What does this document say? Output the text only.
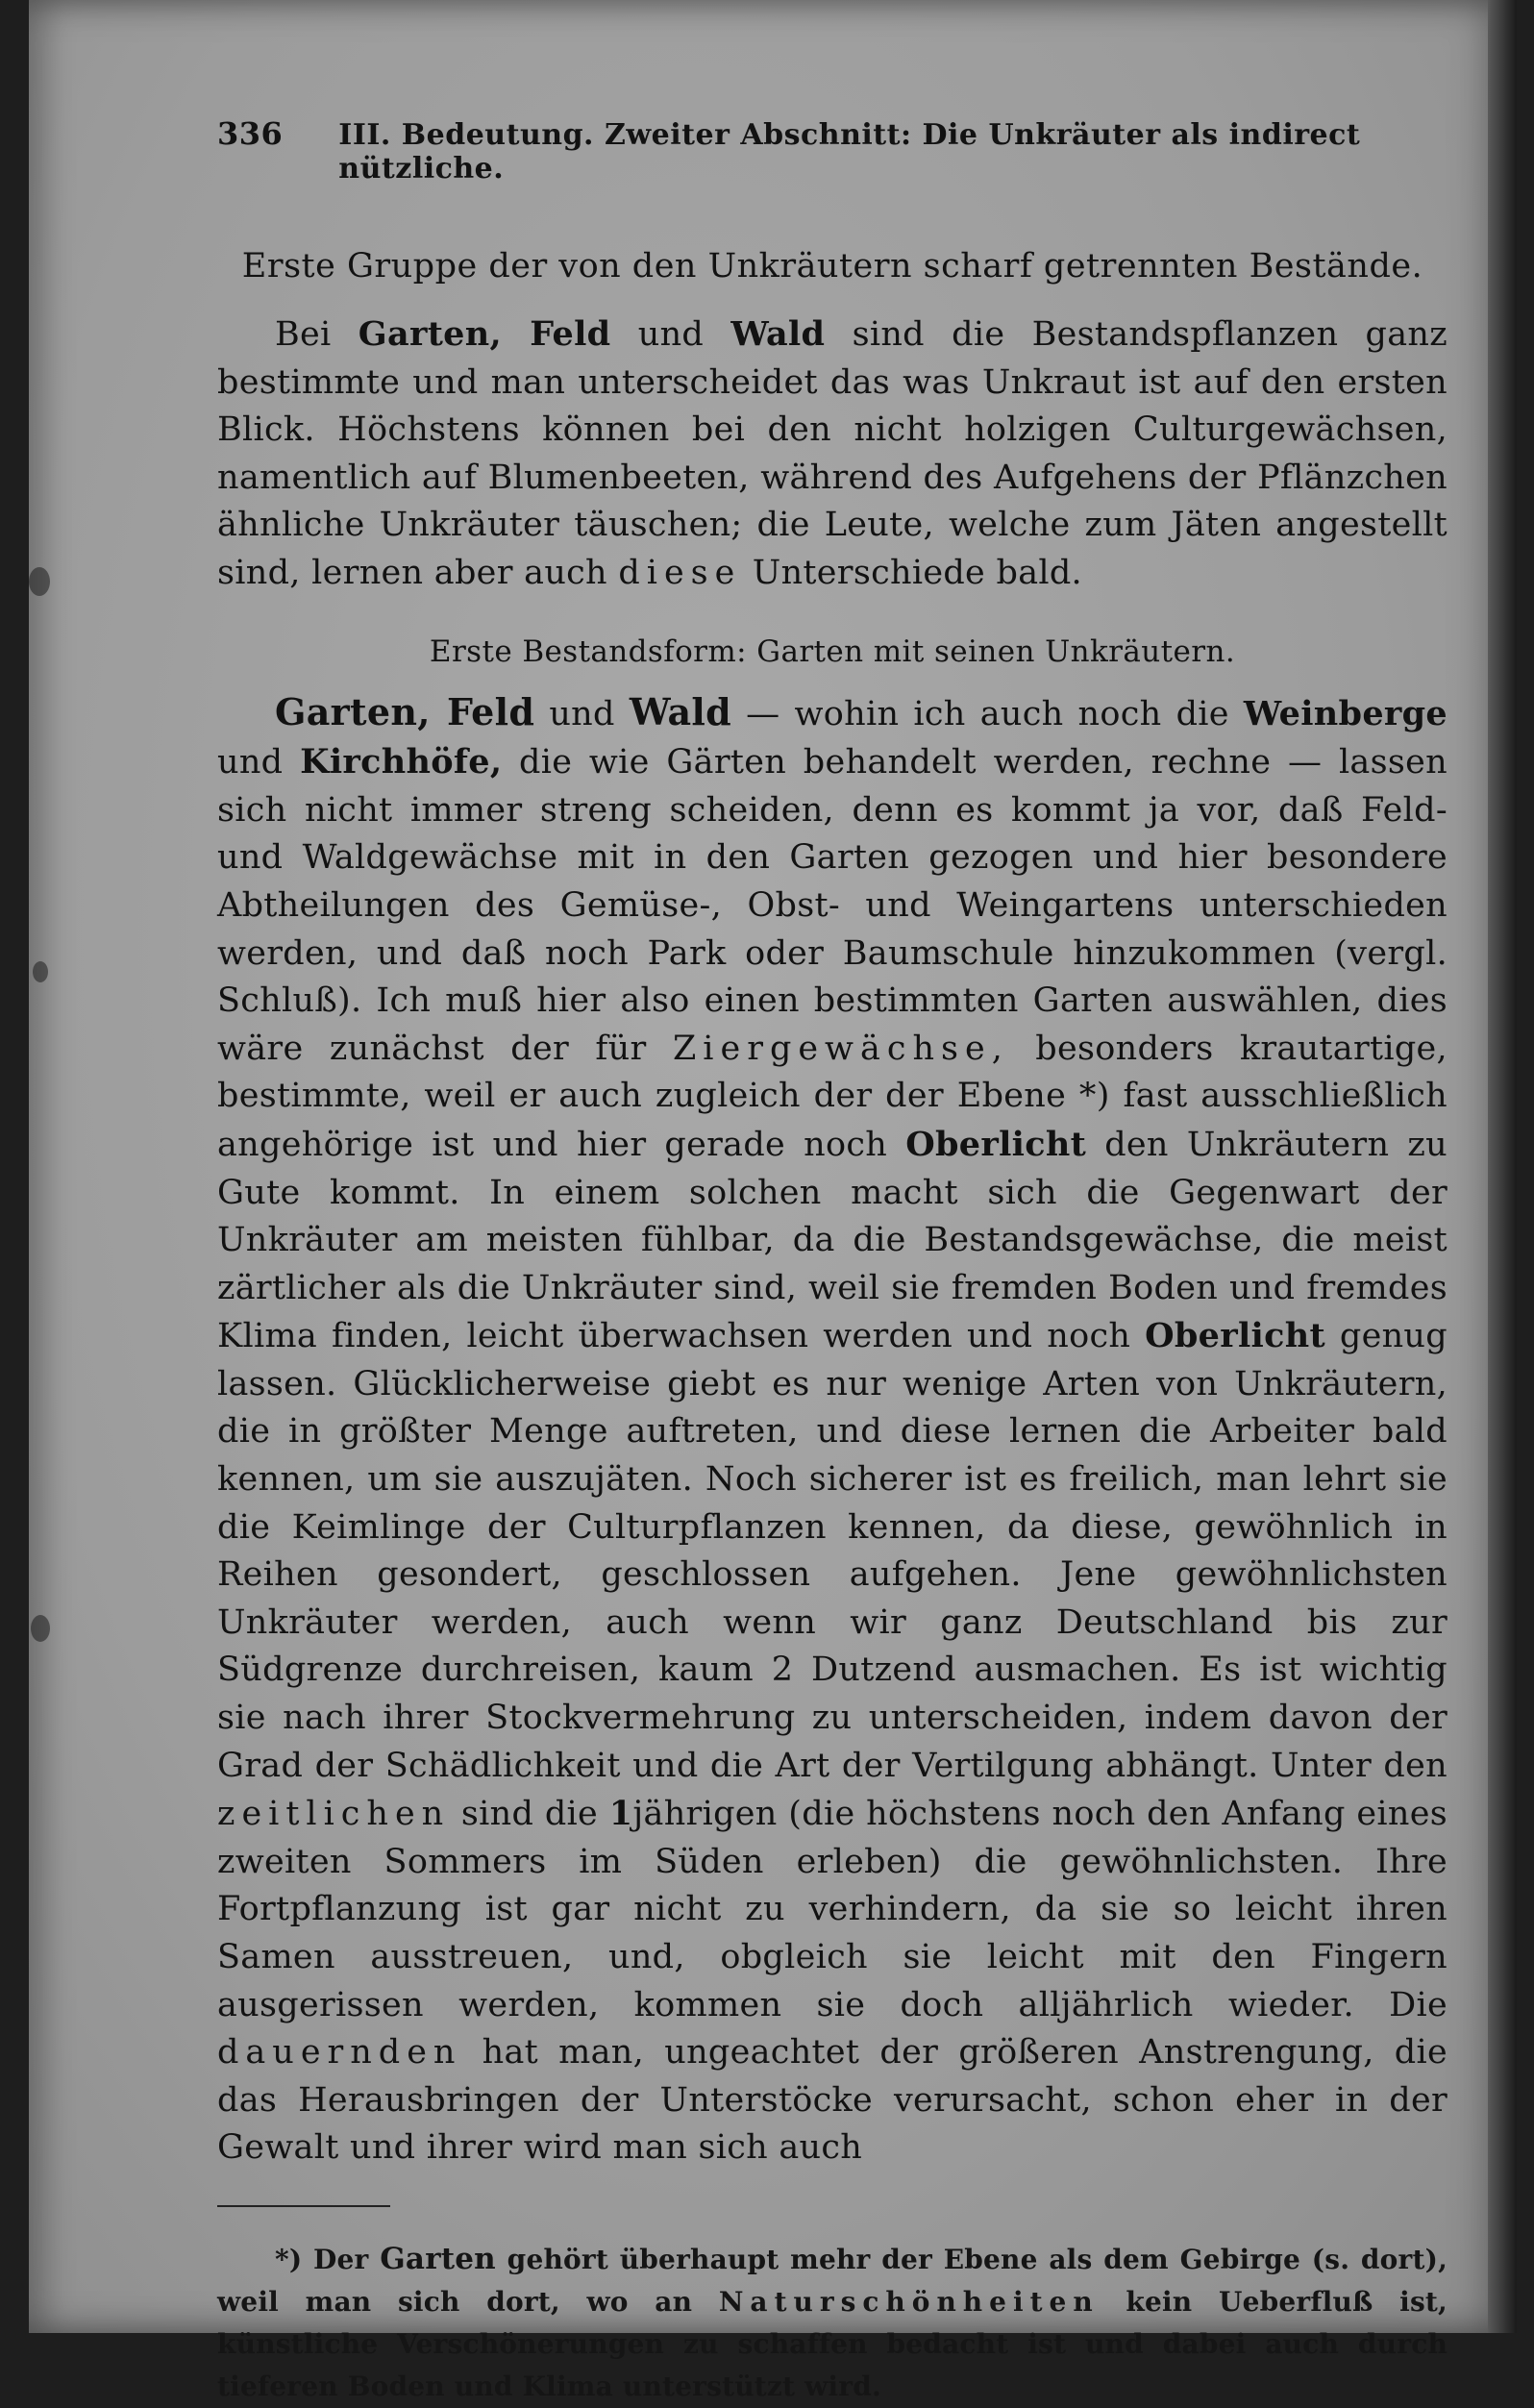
336 III. Bedeutung. Zweiter Abschnitt: Die Unkräuter als indirect nützliche.
Erste Gruppe der von den Unkräutern scharf getrennten Bestände.

Bei Garten, Feld und Wald sind die Bestandspflanzen ganz bestimmte und man unterscheidet das was Unkraut ist auf den ersten Blick. Höchstens können bei den nicht holzigen Culturgewächsen, namentlich auf Blumenbeeten, während des Aufgehens der Pflänzchen ähnliche Unkräuter täuschen; die Leute, welche zum Jäten angestellt sind, lernen aber auch diese Unterschiede bald.

Erste Bestandsform: Garten mit seinen Unkräutern.

Garten, Feld und Wald — wohin ich auch noch die Weinberge und Kirchhöfe, die wie Gärten behandelt werden, rechne — lassen sich nicht immer streng scheiden, denn es kommt ja vor, daß Feld- und Waldgewächse mit in den Garten gezogen und hier besondere Abtheilungen des Gemüse-, Obst- und Weingartens unterschieden werden, und daß noch Park oder Baumschule hinzukommen (vergl. Schluß). Ich muß hier also einen bestimmten Garten auswählen, dies wäre zunächst der für Ziergewächse, besonders krautartige, bestimmte, weil er auch zugleich der der Ebene *) fast ausschließlich angehörige ist und hier gerade noch Oberlicht den Unkräutern zu Gute kommt. In einem solchen macht sich die Gegenwart der Unkräuter am meisten fühlbar, da die Bestandsgewächse, die meist zärtlicher als die Unkräuter sind, weil sie fremden Boden und fremdes Klima finden, leicht überwachsen werden und noch Oberlicht genug lassen. Glücklicherweise giebt es nur wenige Arten von Unkräutern, die in größter Menge auftreten, und diese lernen die Arbeiter bald kennen, um sie auszujäten. Noch sicherer ist es freilich, man lehrt sie die Keimlinge der Culturpflanzen kennen, da diese, gewöhnlich in Reihen gesondert, geschlossen aufgehen. Jene gewöhnlichsten Unkräuter werden, auch wenn wir ganz Deutschland bis zur Südgrenze durchreisen, kaum 2 Dutzend ausmachen. Es ist wichtig sie nach ihrer Stockvermehrung zu unterscheiden, indem davon der Grad der Schädlichkeit und die Art der Vertilgung abhängt. Unter den zeitlichen sind die 1jährigen (die höchstens noch den Anfang eines zweiten Sommers im Süden erleben) die gewöhnlichsten. Ihre Fortpflanzung ist gar nicht zu verhindern, da sie so leicht ihren Samen ausstreuen, und, obgleich sie leicht mit den Fingern ausgerissen werden, kommen sie doch alljährlich wieder. Die dauernden hat man, ungeachtet der größeren Anstrengung, die das Herausbringen der Unterstöcke verursacht, schon eher in der Gewalt und ihrer wird man sich auch

*) Der Garten gehört überhaupt mehr der Ebene als dem Gebirge (s. dort), weil man sich dort, wo an Naturschönheiten kein Ueberfluß ist, künstliche Verschönerungen zu schaffen bedacht ist und dabei auch durch tieferen Boden und Klima unterstützt wird.
